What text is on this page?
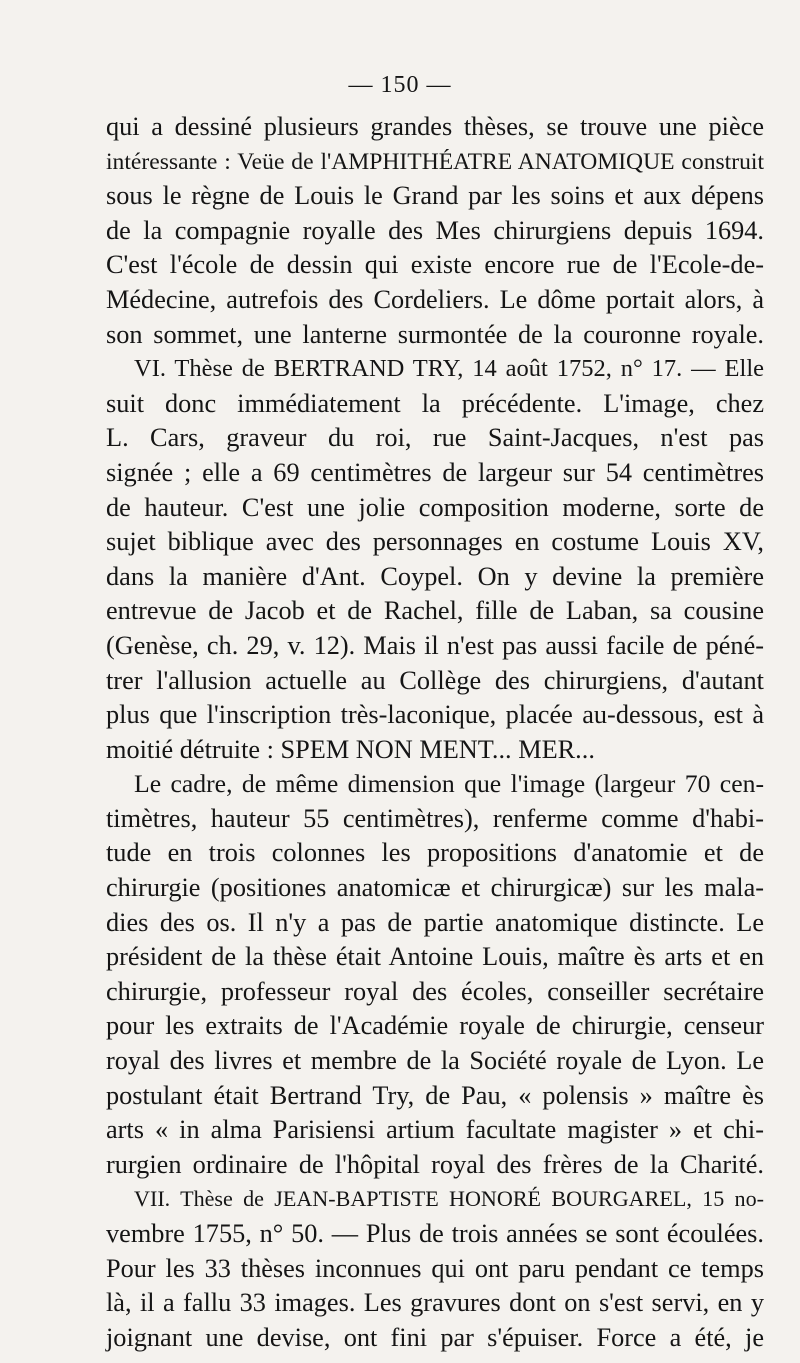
— 150 —
qui a dessiné plusieurs grandes thèses, se trouve une pièce
intéressante : Veüe de l'AMPHITHÉATRE ANATOMIQUE construit
sous le règne de Louis le Grand par les soins et aux dépens
de la compagnie royalle des Mes chirurgiens depuis 1694.
C'est l'école de dessin qui existe encore rue de l'Ecole-de-
Médecine, autrefois des Cordeliers. Le dôme portait alors, à
son sommet, une lanterne surmontée de la couronne royale.
VI. Thèse de BERTRAND TRY, 14 août 1752, n° 17. — Elle
suit donc immédiatement la précédente. L'image, chez
L. Cars, graveur du roi, rue Saint-Jacques, n'est pas
signée ; elle a 69 centimètres de largeur sur 54 centimètres
de hauteur. C'est une jolie composition moderne, sorte de
sujet biblique avec des personnages en costume Louis XV,
dans la manière d'Ant. Coypel. On y devine la première
entrevue de Jacob et de Rachel, fille de Laban, sa cousine
(Genèse, ch. 29, v. 12). Mais il n'est pas aussi facile de péné-
trer l'allusion actuelle au Collège des chirurgiens, d'autant
plus que l'inscription très-laconique, placée au-dessous, est à
moitié détruite : SPEM NON MENT... MER...
Le cadre, de même dimension que l'image (largeur 70 cen-
timètres, hauteur 55 centimètres), renferme comme d'habi-
tude en trois colonnes les propositions d'anatomie et de
chirurgie (positiones anatomicæ et chirurgicæ) sur les mala-
dies des os. Il n'y a pas de partie anatomique distincte. Le
président de la thèse était Antoine Louis, maître ès arts et en
chirurgie, professeur royal des écoles, conseiller secrétaire
pour les extraits de l'Académie royale de chirurgie, censeur
royal des livres et membre de la Société royale de Lyon. Le
postulant était Bertrand Try, de Pau, « polensis » maître ès
arts « in alma Parisiensi artium facultate magister » et chi-
rurgien ordinaire de l'hôpital royal des frères de la Charité.
VII. Thèse de JEAN-BAPTISTE HONORÉ BOURGAREL, 15 no-
vembre 1755, n° 50. — Plus de trois années se sont écoulées.
Pour les 33 thèses inconnues qui ont paru pendant ce temps
là, il a fallu 33 images. Les gravures dont on s'est servi, en y
joignant une devise, ont fini par s'épuiser. Force a été, je
